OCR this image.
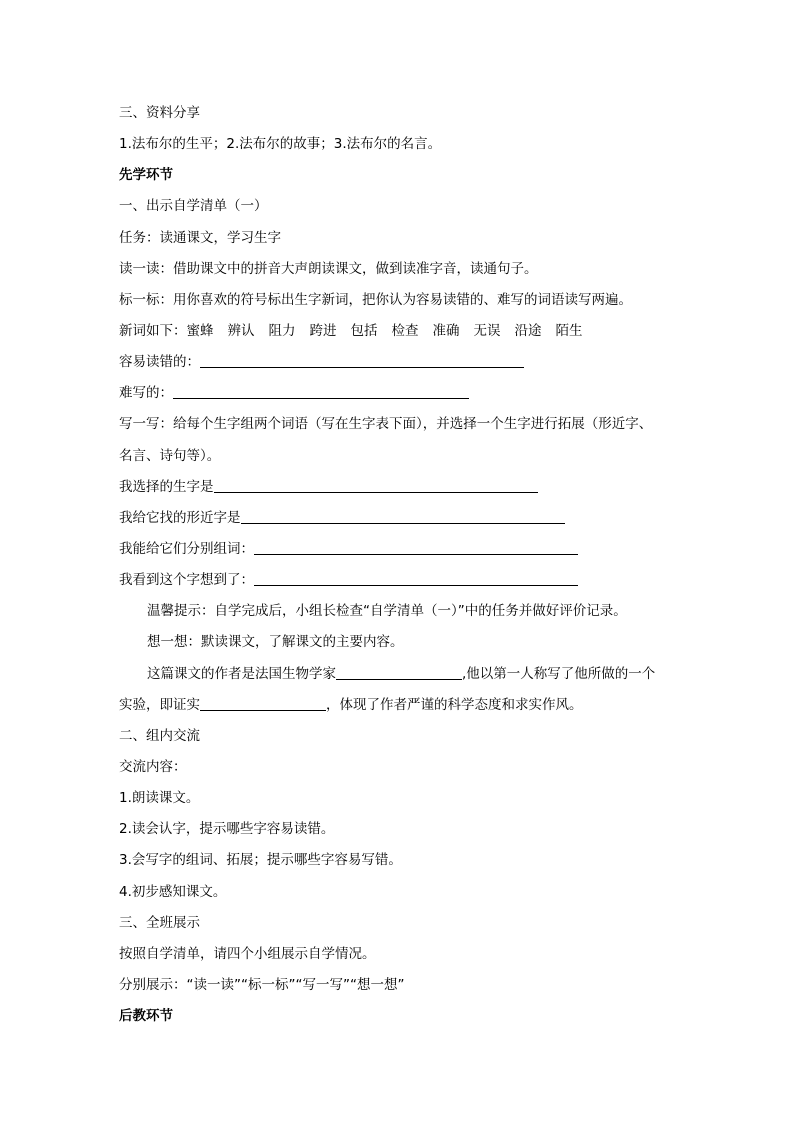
三、资料分享
1.法布尔的生平；2.法布尔的故事；3.法布尔的名言。
先学环节
一、出示自学清单（一）
任务：读通课文，学习生字
读一读：借助课文中的拼音大声朗读课文，做到读准字音，读通句子。
标一标：用你喜欢的符号标出生字新词，把你认为容易读错的、难写的词语读写两遍。
新词如下：蜜蜂 辨认 阻力 跨进 包括 检查 准确 无误 沿途 陌生
容易读错的：
难写的：
写一写：给每个生字组两个词语（写在生字表下面），并选择一个生字进行拓展（形近字、
名言、诗句等）。
我选择的生字是
我给它找的形近字是
我能给它们分别组词：
我看到这个字想到了：
温馨提示：自学完成后，小组长检查“自学清单（一）”中的任务并做好评价记录。
想一想：默读课文，了解课文的主要内容。
这篇课文的作者是法国生物学家	,他以第一人称写了他所做的一个
实验，即证实	，体现了作者严谨的科学态度和求实作风。
二、组内交流
交流内容：
1.朗读课文。
2.读会认字，提示哪些字容易读错。
3.会写字的组词、拓展；提示哪些字容易写错。
4.初步感知课文。
三、全班展示
按照自学清单，请四个小组展示自学情况。
分别展示：“读一读”“标一标”“写一写”“想一想”
后教环节
